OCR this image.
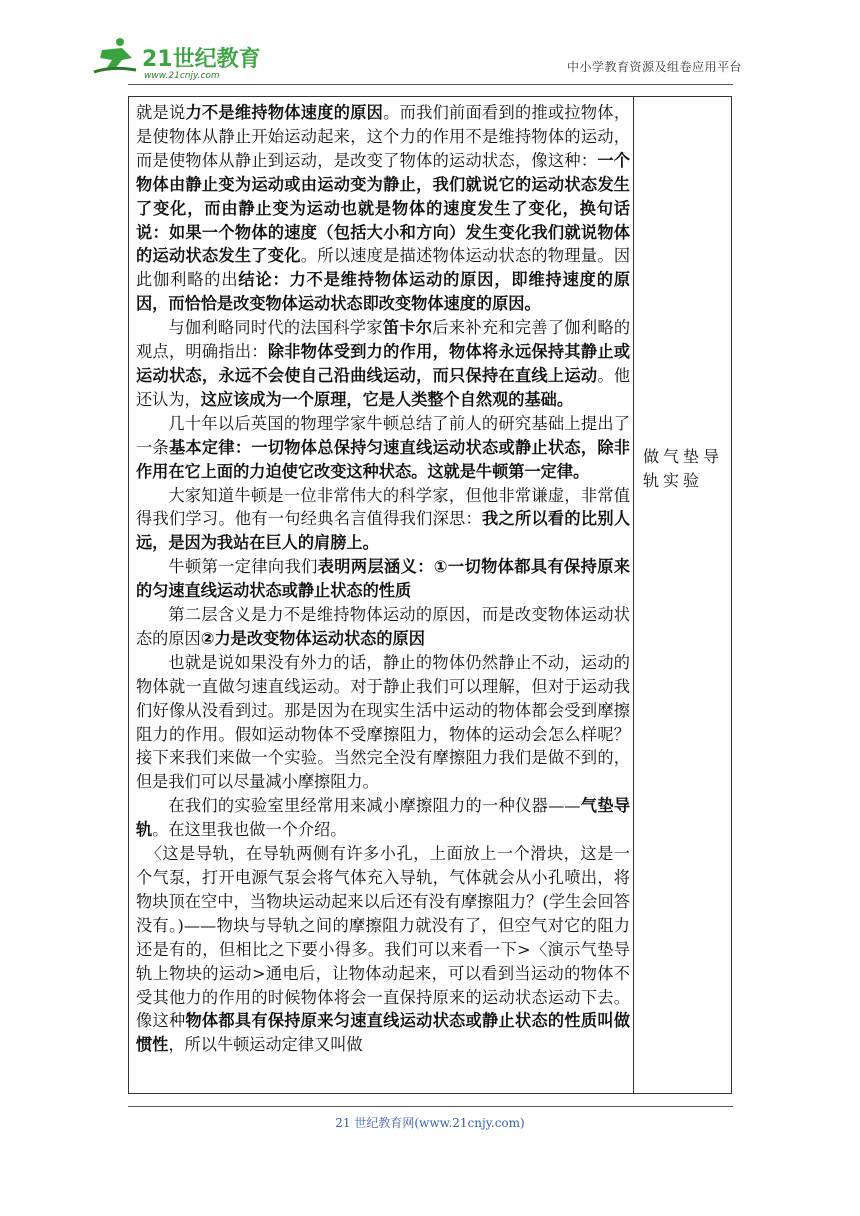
21世纪教育
www.21cnjy.com
中小学教育资源及组卷应用平台

就是说力不是维持物体速度的原因。而我们前面看到的推或拉物体，是使物体从静止开始运动起来，这个力的作用不是维持物体的运动，而是使物体从静止到运动，是改变了物体的运动状态，像这种：一个物体由静止变为运动或由运动变为静止，我们就说它的运动状态发生了变化，而由静止变为运动也就是物体的速度发生了变化，换句话说：如果一个物体的速度（包括大小和方向）发生变化我们就说物体的运动状态发生了变化。所以速度是描述物体运动状态的物理量。因此伽利略的出结论：力不是维持物体运动的原因，即维持速度的原因，而恰恰是改变物体运动状态即改变物体速度的原因。

与伽利略同时代的法国科学家笛卡尔后来补充和完善了伽利略的观点，明确指出：除非物体受到力的作用，物体将永远保持其静止或运动状态，永远不会使自己沿曲线运动，而只保持在直线上运动。他还认为，这应该成为一个原理，它是人类整个自然观的基础。

几十年以后英国的物理学家牛顿总结了前人的研究基础上提出了一条基本定律：一切物体总保持匀速直线运动状态或静止状态，除非作用在它上面的力迫使它改变这种状态。这就是牛顿第一定律。

大家知道牛顿是一位非常伟大的科学家，但他非常谦虚，非常值得我们学习。他有一句经典名言值得我们深思：我之所以看的比别人远，是因为我站在巨人的肩膀上。

牛顿第一定律向我们表明两层涵义：①一切物体都具有保持原来的匀速直线运动状态或静止状态的性质

第二层含义是力不是维持物体运动的原因，而是改变物体运动状态的原因②力是改变物体运动状态的原因

也就是说如果没有外力的话，静止的物体仍然静止不动，运动的物体就一直做匀速直线运动。对于静止我们可以理解，但对于运动我们好像从没看到过。那是因为在现实生活中运动的物体都会受到摩擦阻力的作用。假如运动物体不受摩擦阻力，物体的运动会怎么样呢？接下来我们来做一个实验。当然完全没有摩擦阻力我们是做不到的，但是我们可以尽量减小摩擦阻力。

在我们的实验室里经常用来减小摩擦阻力的一种仪器——气垫导轨。在这里我也做一个介绍。

〈这是导轨，在导轨两侧有许多小孔，上面放上一个滑块，这是一个气泵，打开电源气泵会将气体充入导轨，气体就会从小孔喷出，将物块顶在空中，当物块运动起来以后还有没有摩擦阻力？(学生会回答没有。)——物块与导轨之间的摩擦阻力就没有了，但空气对它的阻力还是有的，但相比之下要小得多。我们可以来看一下>〈演示气垫导轨上物块的运动>通电后，让物体动起来，可以看到当运动的物体不受其他力的作用的时候物体将会一直保持原来的运动状态运动下去。像这种物体都具有保持原来匀速直线运动状态或静止状态的性质叫做惯性，所以牛顿运动定律又叫做

做气垫导轨实验
21 世纪教育网(www.21cnjy.com)
